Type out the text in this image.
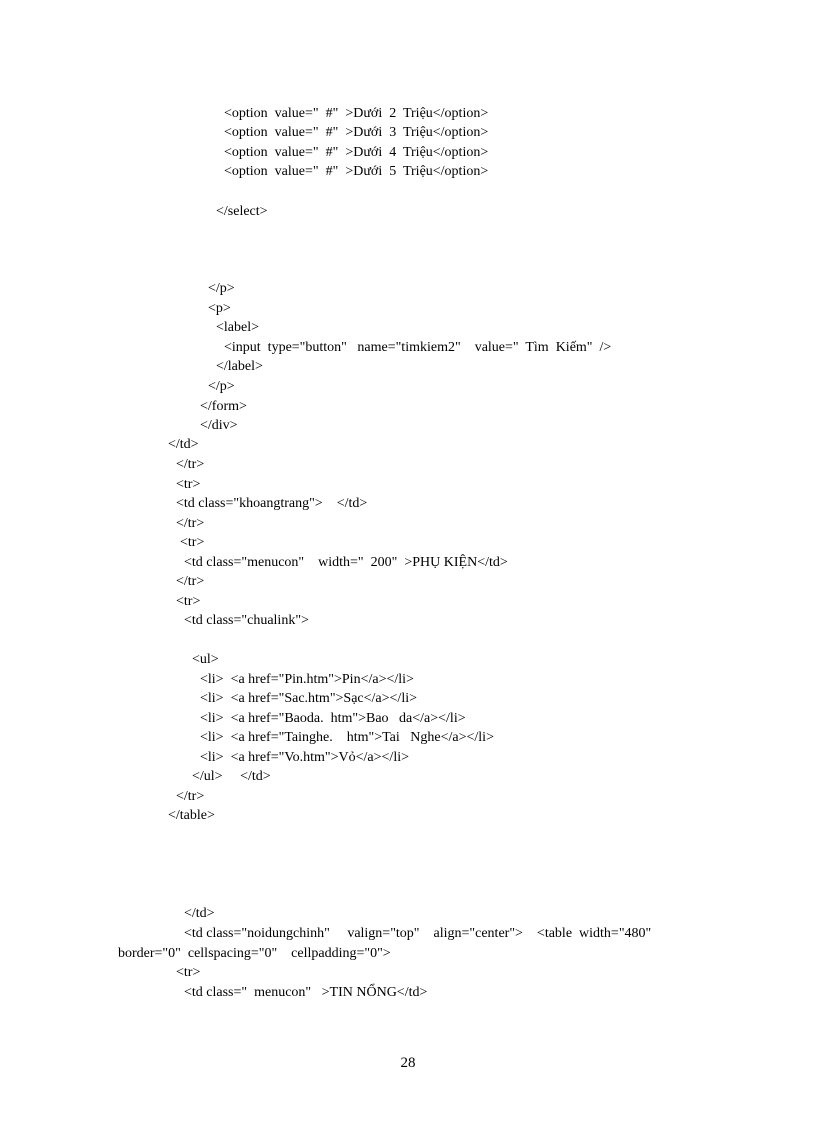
<option  value="  #"  >Dưới  2  Triệu</option>
<option  value="  #"  >Dưới  3  Triệu</option>
<option  value="  #"  >Dưới  4  Triệu</option>
<option  value="  #"  >Dưới  5  Triệu</option>
</select>
</p>
<p>
<label>
<input  type="button"   name="timkiem2"    value="  Tìm  Kiếm"  />
</label>
</p>
</form>
</div>
</td>
</tr>
<tr>
<td class="khoangtrang">    </td>
</tr>
<tr>
<td class="menucon"    width="  200"  >PHỤ KIỆN</td>
</tr>
<tr>
<td class="chualink">
<ul>
<li>  <a href="Pin.htm">Pin</a></li>
<li>  <a href="Sac.htm">Sạc</a></li>
<li>  <a href="Baoda.  htm">Bao   da</a></li>
<li>  <a href="Tainghe.    htm">Tai   Nghe</a></li>
<li>  <a href="Vo.htm">Vỏ</a></li>
</ul>     </td>
</tr>
</table>
</td>
<td class="noidungchinh"     valign="top"    align="center">    <table  width="480"
border="0"  cellspacing="0"    cellpadding="0">
<tr>
<td class="  menucon"   >TIN NỔNG</td>
28
